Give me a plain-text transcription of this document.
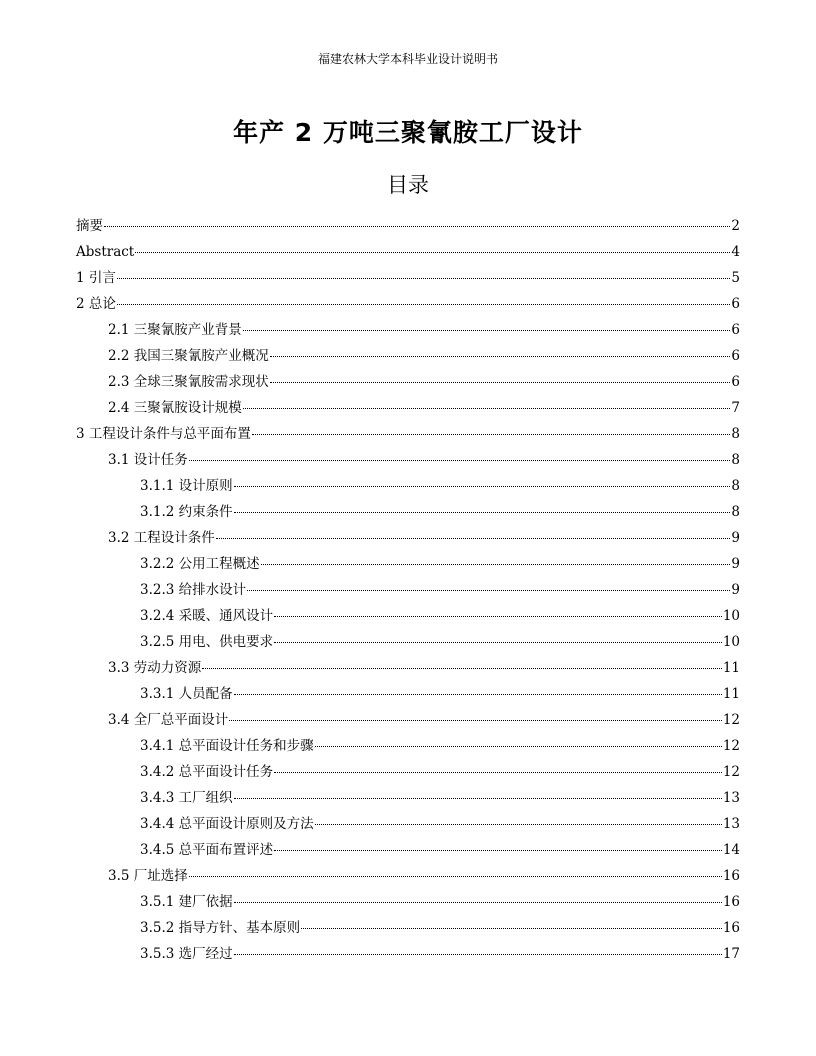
福建农林大学本科毕业设计说明书
年产 2 万吨三聚氰胺工厂设计
目录
摘要	2
Abstract	4
1 引言	5
2 总论	6
2.1 三聚氰胺产业背景	6
2.2 我国三聚氰胺产业概况	6
2.3 全球三聚氰胺需求现状	6
2.4 三聚氰胺设计规模	7
3 工程设计条件与总平面布置	8
3.1 设计任务	8
3.1.1 设计原则	8
3.1.2 约束条件	8
3.2 工程设计条件	9
3.2.2 公用工程概述	9
3.2.3 给排水设计	9
3.2.4 采暖、通风设计	10
3.2.5 用电、供电要求	10
3.3 劳动力资源	11
3.3.1 人员配备	11
3.4 全厂总平面设计	12
3.4.1 总平面设计任务和步骤	12
3.4.2 总平面设计任务	12
3.4.3 工厂组织	13
3.4.4 总平面设计原则及方法	13
3.4.5 总平面布置评述	14
3.5 厂址选择	16
3.5.1 建厂依据	16
3.5.2 指导方针、基本原则	16
3.5.3 选厂经过	17
